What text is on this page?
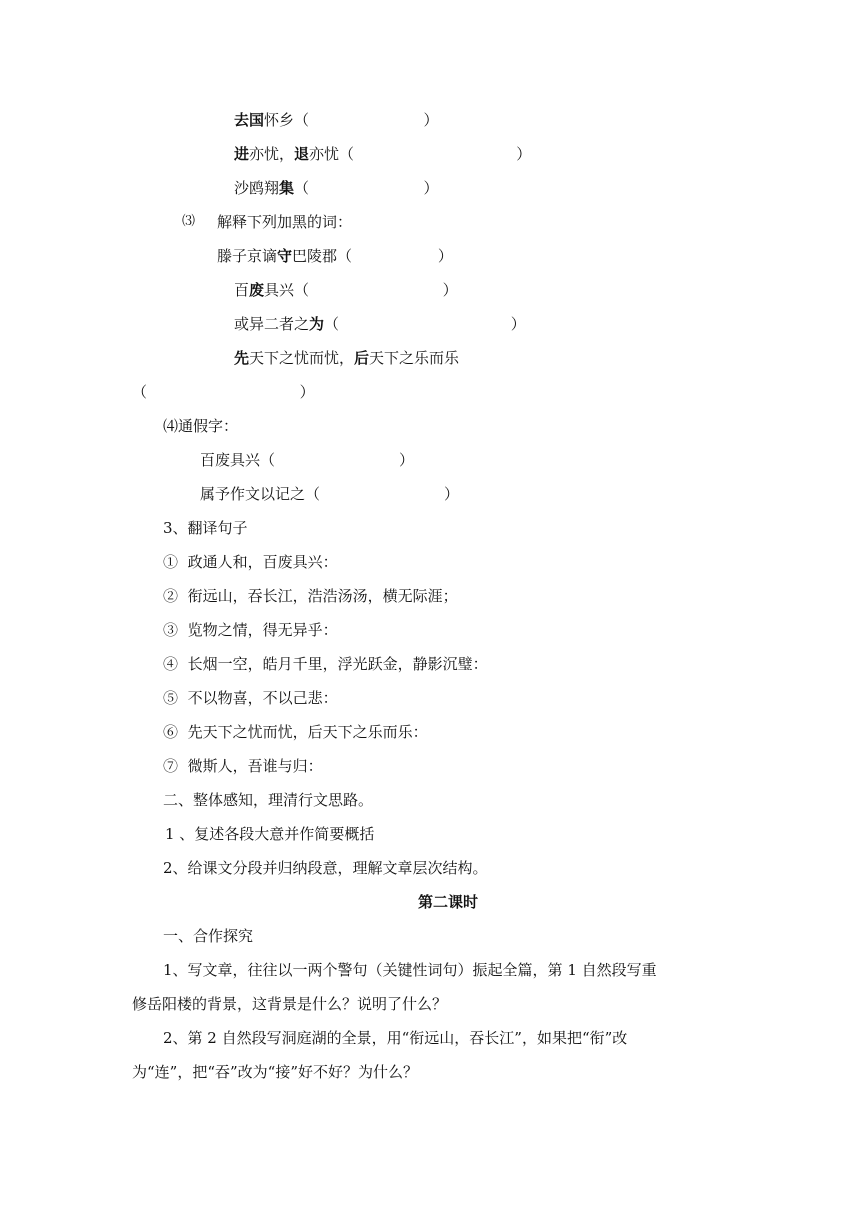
去国怀乡（	）
进亦忧，退亦忧（	）
沙鸥翔集（	）
⑶ 解释下列加黑的词：
滕子京谪守巴陵郡（	）
百废具兴（	）
或异二者之为（	）
先天下之忧而忧，后天下之乐而乐
（	）
⑷通假字：
百废具兴（	）
属予作文以记之（	）
3、翻译句子
① 政通人和，百废具兴：
② 衔远山，吞长江，浩浩汤汤，横无际涯；
③ 览物之情，得无异乎：
④ 长烟一空，皓月千里，浮光跃金，静影沉璧：
⑤ 不以物喜，不以己悲：
⑥ 先天下之忧而忧，后天下之乐而乐：
⑦ 微斯人，吾谁与归：
二、整体感知，理清行文思路。
1 、复述各段大意并作简要概括
2、给课文分段并归纳段意，理解文章层次结构。
第二课时
一、合作探究
1、写文章，往往以一两个警句（关键性词句）振起全篇，第 1 自然段写重
修岳阳楼的背景，这背景是什么？说明了什么？
2、第 2 自然段写洞庭湖的全景，用“衔远山，吞长江”，如果把“衔”改
为“连”，把“吞”改为“接”好不好？为什么？
